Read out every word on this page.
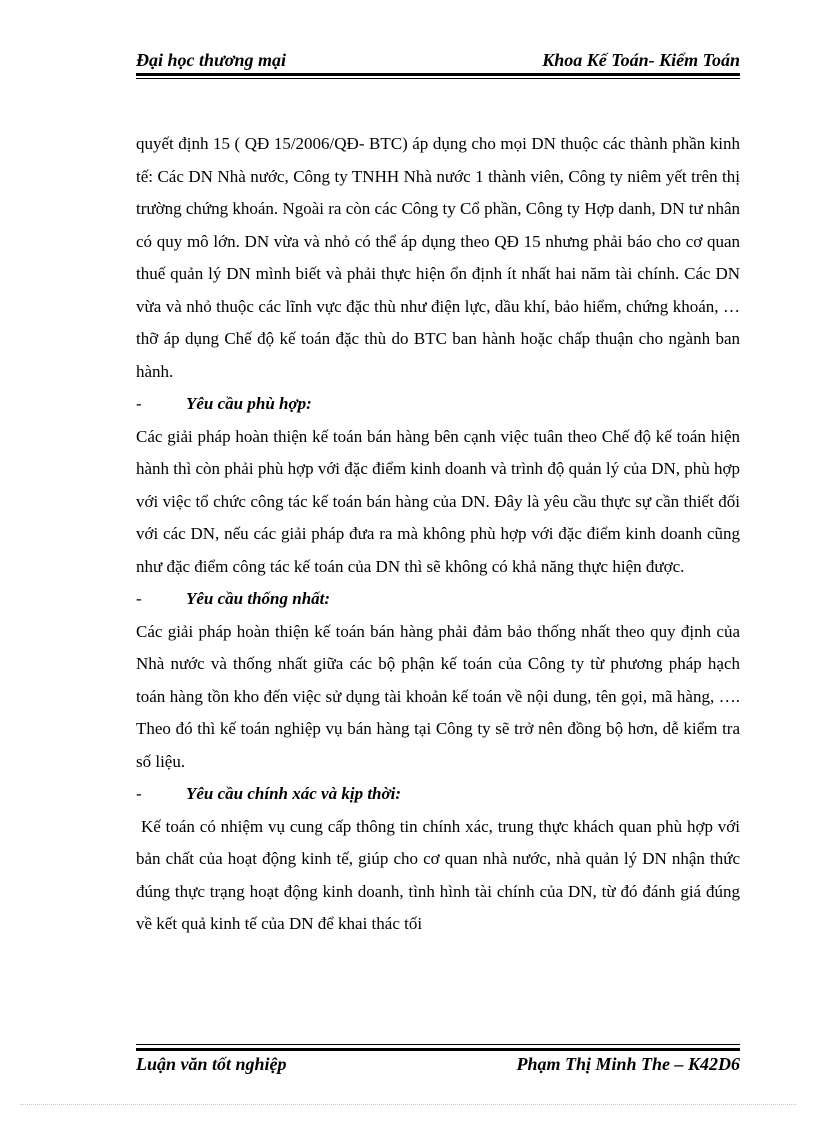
Đại học thương mại	Khoa Kế Toán- Kiểm Toán

quyết định 15 ( QĐ 15/2006/QĐ- BTC) áp dụng cho mọi DN thuộc các thành phần kinh tế: Các DN Nhà nước, Công ty TNHH Nhà nước 1 thành viên, Công ty niêm yết trên thị trường chứng khoán. Ngoài ra còn các Công ty Cổ phần, Công ty Hợp danh, DN tư nhân có quy mô lớn. DN vừa và nhỏ có thể áp dụng theo QĐ 15 nhưng phải báo cho cơ quan thuế quản lý DN mình biết và phải thực hiện ổn định ít nhất hai năm tài chính. Các DN vừa và nhỏ thuộc các lĩnh vực đặc thù như điện lực, dầu khí, bảo hiểm, chứng khoán, …thỡ áp dụng Chế độ kế toán đặc thù do BTC ban hành hoặc chấp thuận cho ngành ban hành.

-	Yêu cầu phù hợp:

Các giải pháp hoàn thiện kế toán bán hàng bên cạnh việc tuân theo Chế độ kế toán hiện hành thì còn phải phù hợp với đặc điểm kinh doanh và trình độ quản lý của DN, phù hợp với việc tổ chức công tác kế toán bán hàng của DN. Đây là yêu cầu thực sự cần thiết đối với các DN, nếu các giải pháp đưa ra mà không phù hợp với đặc điểm kinh doanh cũng như đặc điểm công tác kế toán của DN thì sẽ không có khả năng thực hiện được.

-	Yêu cầu thống nhất:

Các giải pháp hoàn thiện kế toán bán hàng phải đảm bảo thống nhất theo quy định của Nhà nước và thống nhất giữa các bộ phận kế toán của Công ty từ phương pháp hạch toán hàng tồn kho đến việc sử dụng tài khoản kế toán về nội dung, tên gọi, mã hàng, …. Theo đó thì kế toán nghiệp vụ bán hàng tại Công ty sẽ trở nên đồng bộ hơn, dễ kiểm tra số liệu.

-	Yêu cầu chính xác và kịp thời:

Kế toán có nhiệm vụ cung cấp thông tin chính xác, trung thực khách quan phù hợp với bản chất của hoạt động kinh tế, giúp cho cơ quan nhà nước, nhà quản lý DN nhận thức đúng thực trạng hoạt động kinh doanh, tình hình tài chính của DN, từ đó đánh giá đúng về kết quả kinh tế của DN để khai thác tối

Luận văn tốt nghiệp	Phạm Thị Minh The – K42D6
